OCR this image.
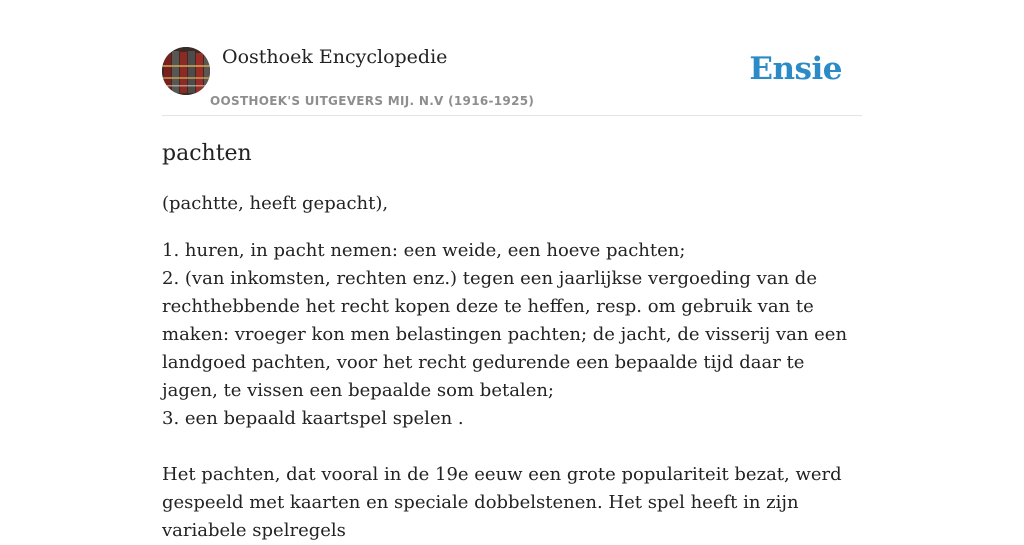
Oosthoek Encyclopedie
OOSTHOEK'S UITGEVERS MIJ. N.V (1916-1925)
Ensie
pachten

(pachtte, heeft gepacht),

1. huren, in pacht nemen: een weide, een hoeve pachten;
2. (van inkomsten, rechten enz.) tegen een jaarlijkse vergoeding van de rechthebbende het recht kopen deze te heffen, resp. om gebruik van te maken: vroeger kon men belastingen pachten; de jacht, de visserij van een landgoed pachten, voor het recht gedurende een bepaalde tijd daar te jagen, te vissen een bepaalde som betalen;
3. een bepaald kaartspel spelen .

Het pachten, dat vooral in de 19e eeuw een grote populariteit bezat, werd gespeeld met kaarten en speciale dobbelstenen. Het spel heeft in zijn variabele spelregels
